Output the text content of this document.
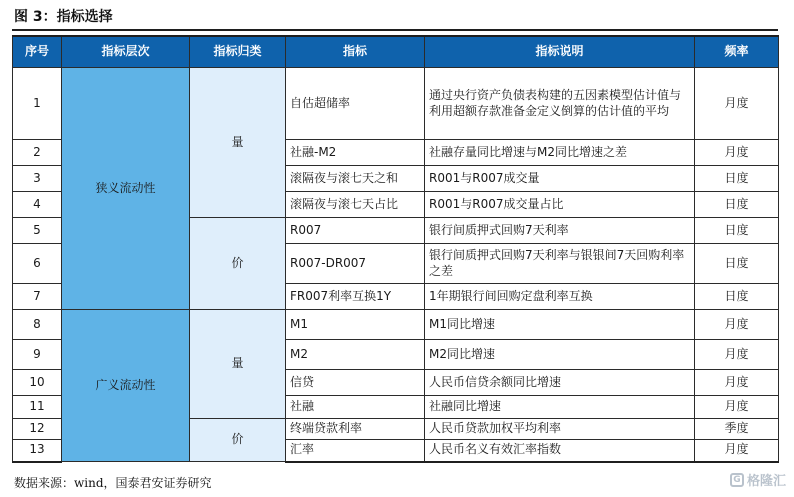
图 3：指标选择
序号	指标层次	指标归类	指标	指标说明	频率
1	狭义流动性	量	自估超储率	通过央行资产负债表构建的五因素模型估计值与利用超额存款准备金定义倒算的估计值的平均	月度
2			社融-M2	社融存量同比增速与M2同比增速之差	月度
3			滚隔夜与滚七天之和	R001与R007成交量	日度
4			滚隔夜与滚七天占比	R001与R007成交量占比	日度
5		价	R007	银行间质押式回购7天利率	日度
6			R007-DR007	银行间质押式回购7天利率与银银间7天回购利率之差	日度
7			FR007利率互换1Y	1年期银行间回购定盘利率互换	日度
8	广义流动性	量	M1	M1同比增速	月度
9			M2	M2同比增速	月度
10			信贷	人民币信贷余额同比增速	月度
11			社融	社融同比增速	月度
12		价	终端贷款利率	人民币贷款加权平均利率	季度
13			汇率	人民币名义有效汇率指数	月度
数据来源：wind，国泰君安证券研究	G 格隆汇
